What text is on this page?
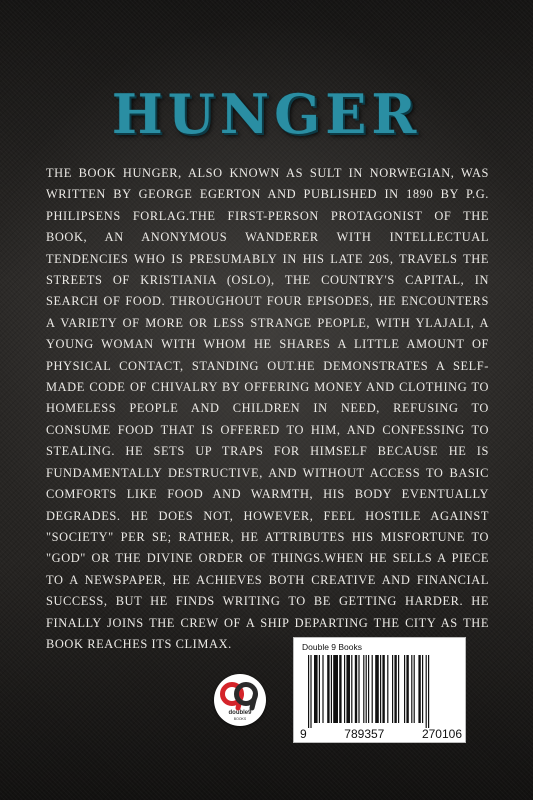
HUNGER

THE BOOK HUNGER, ALSO KNOWN AS SULT IN NORWEGIAN, WAS WRITTEN BY GEORGE EGERTON AND PUBLISHED IN 1890 BY P.G. PHILIPSENS FORLAG.THE FIRST-PERSON PROTAGONIST OF THE BOOK, AN ANONYMOUS WANDERER WITH INTELLECTUAL TENDENCIES WHO IS PRESUMABLY IN HIS LATE 20S, TRAVELS THE STREETS OF KRISTIANIA (OSLO), THE COUNTRY'S CAPITAL, IN SEARCH OF FOOD. THROUGHOUT FOUR EPISODES, HE ENCOUNTERS A VARIETY OF MORE OR LESS STRANGE PEOPLE, WITH YLAJALI, A YOUNG WOMAN WITH WHOM HE SHARES A LITTLE AMOUNT OF PHYSICAL CONTACT, STANDING OUT.HE DEMONSTRATES A SELF-MADE CODE OF CHIVALRY BY OFFERING MONEY AND CLOTHING TO HOMELESS PEOPLE AND CHILDREN IN NEED, REFUSING TO CONSUME FOOD THAT IS OFFERED TO HIM, AND CONFESSING TO STEALING. HE SETS UP TRAPS FOR HIMSELF BECAUSE HE IS FUNDAMENTALLY DESTRUCTIVE, AND WITHOUT ACCESS TO BASIC COMFORTS LIKE FOOD AND WARMTH, HIS BODY EVENTUALLY DEGRADES. HE DOES NOT, HOWEVER, FEEL HOSTILE AGAINST "SOCIETY" PER SE; RATHER, HE ATTRIBUTES HIS MISFORTUNE TO "GOD" OR THE DIVINE ORDER OF THINGS.WHEN HE SELLS A PIECE TO A NEWSPAPER, HE ACHIEVES BOTH CREATIVE AND FINANCIAL SUCCESS, BUT HE FINDS WRITING TO BE GETTING HARDER. HE FINALLY JOINS THE CREW OF A SHIP DEPARTING THE CITY AS THE BOOK REACHES ITS CLIMAX.

double9
BOOKS
Double 9 Books
9	789357	270106
